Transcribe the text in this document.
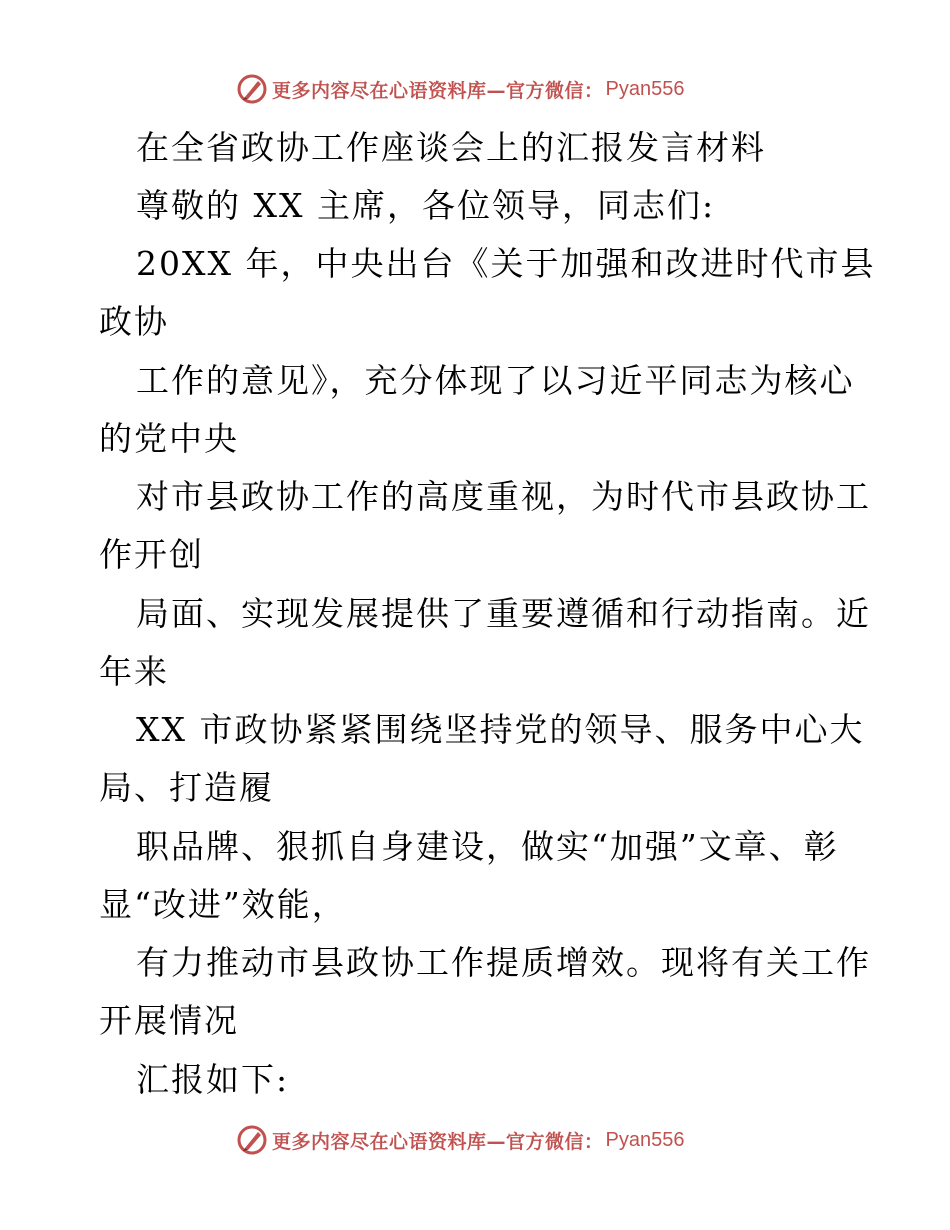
更多内容尽在心语资料库—官方微信： Pyan556
在全省政协工作座谈会上的汇报发言材料
尊敬的 XX 主席，各位领导，同志们:
20XX 年，中央出台《关于加强和改进时代市县
政协
工作的意见》，充分体现了以习近平同志为核心
的党中央
对市县政协工作的高度重视，为时代市县政协工
作开创
局面、实现发展提供了重要遵循和行动指南。近
年来
XX 市政协紧紧围绕坚持党的领导、服务中心大
局、打造履
职品牌、狠抓自身建设，做实“加强”文章、彰
显“改进”效能，
有力推动市县政协工作提质增效。现将有关工作
开展情况
汇报如下:
更多内容尽在心语资料库—官方微信： Pyan556
